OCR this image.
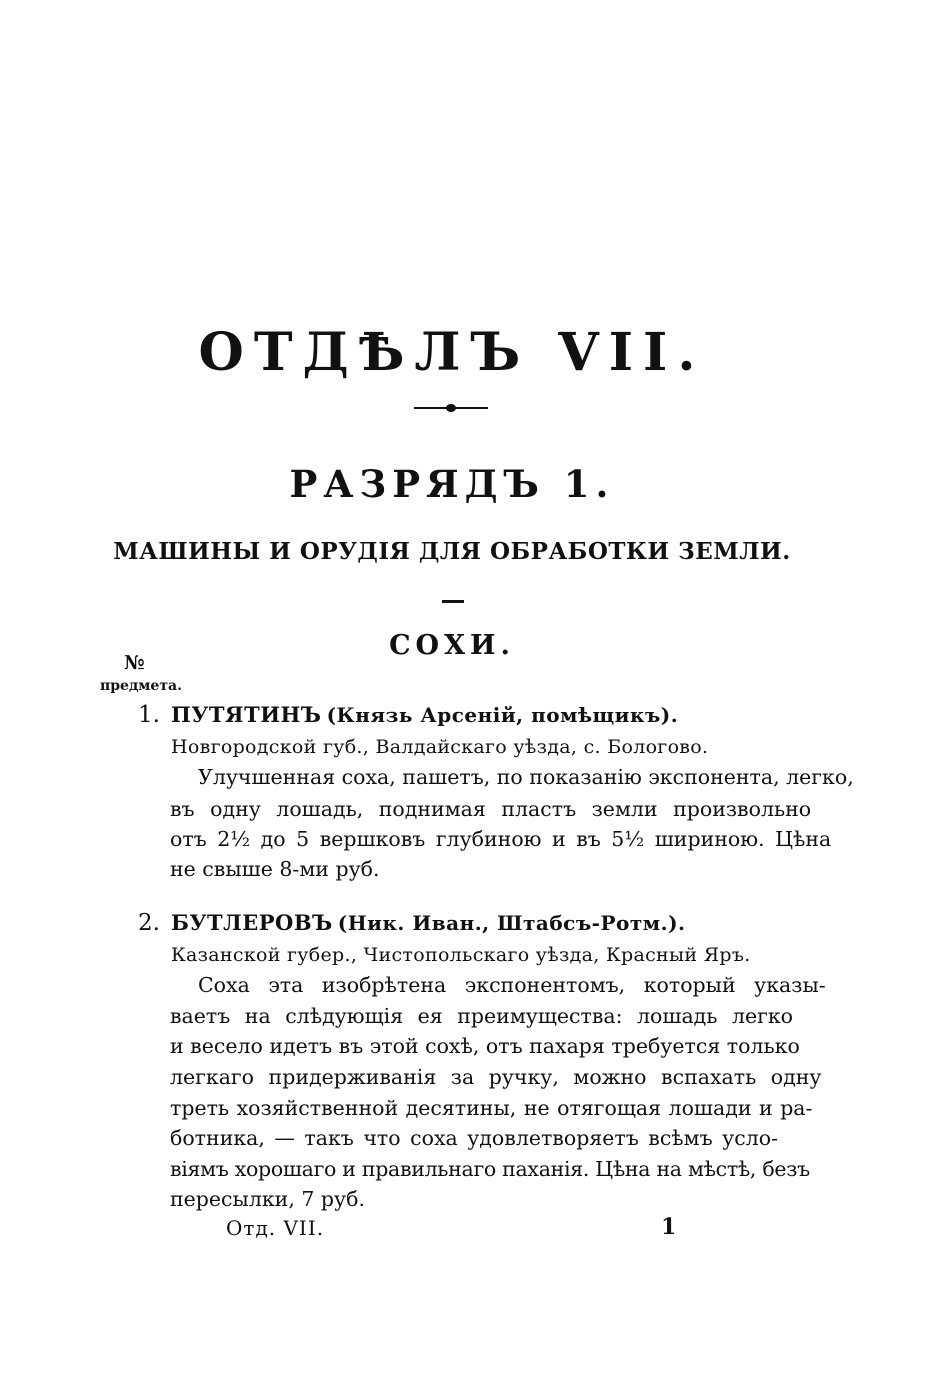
ОТДѢЛЪ VII.
РАЗРЯДЪ 1.
МАШИНЫ И ОРУДІЯ ДЛЯ ОБРАБОТКИ ЗЕМЛИ.
СОХИ.
№
предмета.
1. ПУТЯТИНЪ (Князь Арсеній, помѣщикъ).
Новгородской губ., Валдайскаго уѣзда, с. Бологово.
Улучшенная соха, пашетъ, по показанію экспонента, легко,
въ одну лошадь, поднимая пластъ земли произвольно
отъ 2½ до 5 вершковъ глубиною и въ 5½ шириною. Цѣна
не свыше 8-ми руб.
2. БУТЛЕРОВЪ (Ник. Иван., Штабсъ-Ротм.).
Казанской губер., Чистопольскаго уѣзда, Красный Яръ.
Соха эта изобрѣтена экспонентомъ, который указы-
ваетъ на слѣдующія ея преимущества: лошадь легко
и весело идетъ въ этой сохѣ, отъ пахаря требуется только
легкаго придерживанія за ручку, можно вспахать одну
треть хозяйственной десятины, не отягощая лошади и ра-
ботника, — такъ что соха удовлетворяетъ всѣмъ усло-
віямъ хорошаго и правильнаго паханія. Цѣна на мѣстѣ, безъ
пересылки, 7 руб.
Отд. VII.	1
